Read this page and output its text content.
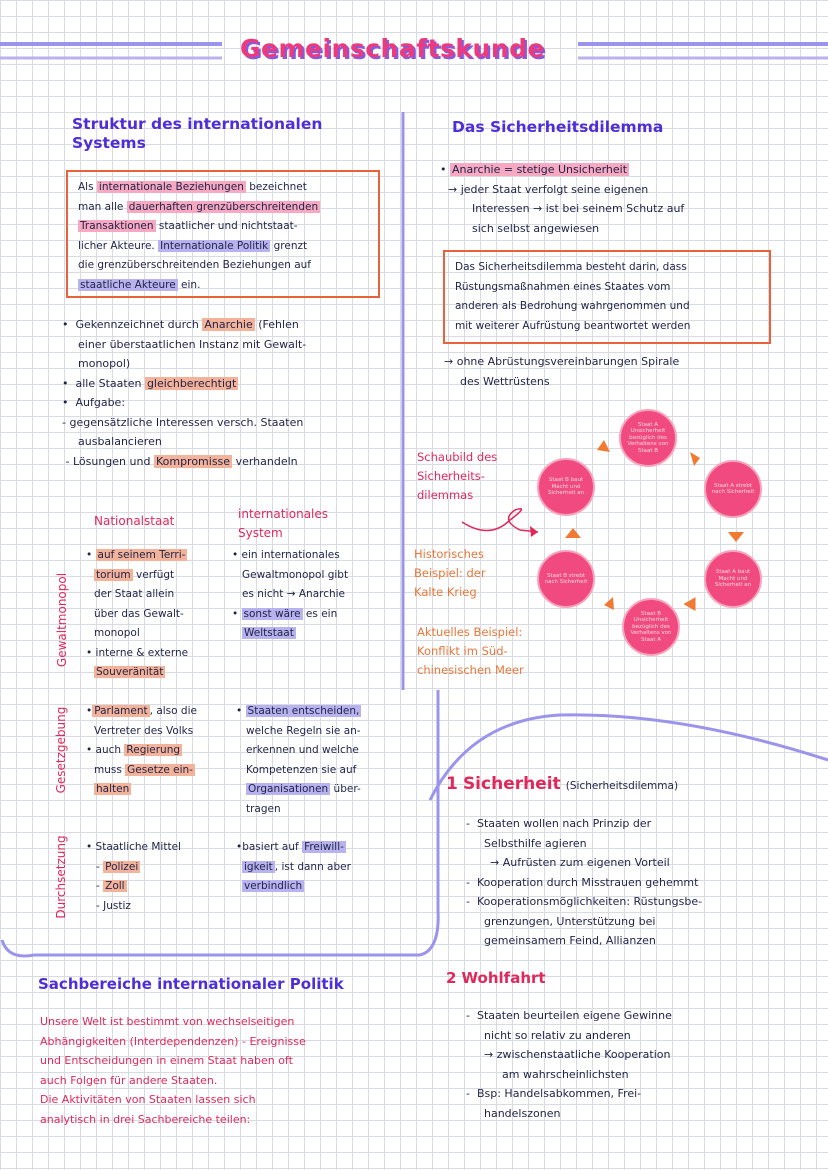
Gemeinschaftskunde
Struktur des internationalen
Systems
Als internationale Beziehungen bezeichnet
man alle dauerhaften grenzüberschreitenden
Transaktionen staatlicher und nichtstaat-
licher Akteure. Internationale Politik grenzt
die grenzüberschreitenden Beziehungen auf
staatliche Akteure ein.
•  Gekennzeichnet durch Anarchie (Fehlen
einer überstaatlichen Instanz mit Gewalt-
monopol)
•  alle Staaten gleichberechtigt
•  Aufgabe:
- gegensätzliche Interessen versch. Staaten
ausbalancieren
- Lösungen und Kompromisse verhandeln
Nationalstaat	internationales
System
Gewaltmonopol
Gesetzgebung
Durchsetzung
• auf seinem Terri-
torium verfügt
der Staat allein
über das Gewalt-
monopol
• interne & externe
Souveränität
• ein internationales
Gewaltmonopol gibt
es nicht → Anarchie
• sonst wäre es ein
Weltstaat
• Parlament , also die
Vertreter des Volks
• auch Regierung
muss Gesetze ein-
halten
• Staaten entscheiden,
welche Regeln sie an-
erkennen und welche
Kompetenzen sie auf
Organisationen über-
tragen
• Staatliche Mittel
- Polizei
- Zoll
- Justiz
•basiert auf Freiwill-
igkeit , ist dann aber
verbindlich
Das Sicherheitsdilemma
• Anarchie = stetige Unsicherheit
→ jeder Staat verfolgt seine eigenen
Interessen → ist bei seinem Schutz auf
sich selbst angewiesen
Das Sicherheitsdilemma besteht darin, dass
Rüstungsmaßnahmen eines Staates vom
anderen als Bedrohung wahrgenommen und
mit weiterer Aufrüstung beantwortet werden
→ ohne Abrüstungsvereinbarungen Spirale
des Wettrüstens
Schaubild des
Sicherheits-
dilemmas
Historisches
Beispiel: der
Kalte Krieg
Aktuelles Beispiel:
Konflikt im Süd-
chinesischen Meer
Staat A Unsicherheit bezüglich des Verhaltens von Staat B
Staat A strebt nach Sicherheit
Staat A baut Macht und Sicherheit an
Staat B Unsicherheit bezüglich des Verhaltens von Staat A
Staat B strebt nach Sicherheit
Staat B baut Macht und Sicherheit an
1 Sicherheit (Sicherheitsdilemma)
-  Staaten wollen nach Prinzip der
Selbsthilfe agieren
→ Aufrüsten zum eigenen Vorteil
-  Kooperation durch Misstrauen gehemmt
-  Kooperationsmöglichkeiten: Rüstungsbe-
grenzungen, Unterstützung bei
gemeinsamem Feind, Allianzen
2 Wohlfahrt
-  Staaten beurteilen eigene Gewinne
nicht so relativ zu anderen
→ zwischenstaatliche Kooperation
am wahrscheinlichsten
-  Bsp: Handelsabkommen, Frei-
handelszonen
Sachbereiche internationaler Politik
Unsere Welt ist bestimmt von wechselseitigen
Abhängigkeiten (Interdependenzen) - Ereignisse
und Entscheidungen in einem Staat haben oft
auch Folgen für andere Staaten.
Die Aktivitäten von Staaten lassen sich
analytisch in drei Sachbereiche teilen:
